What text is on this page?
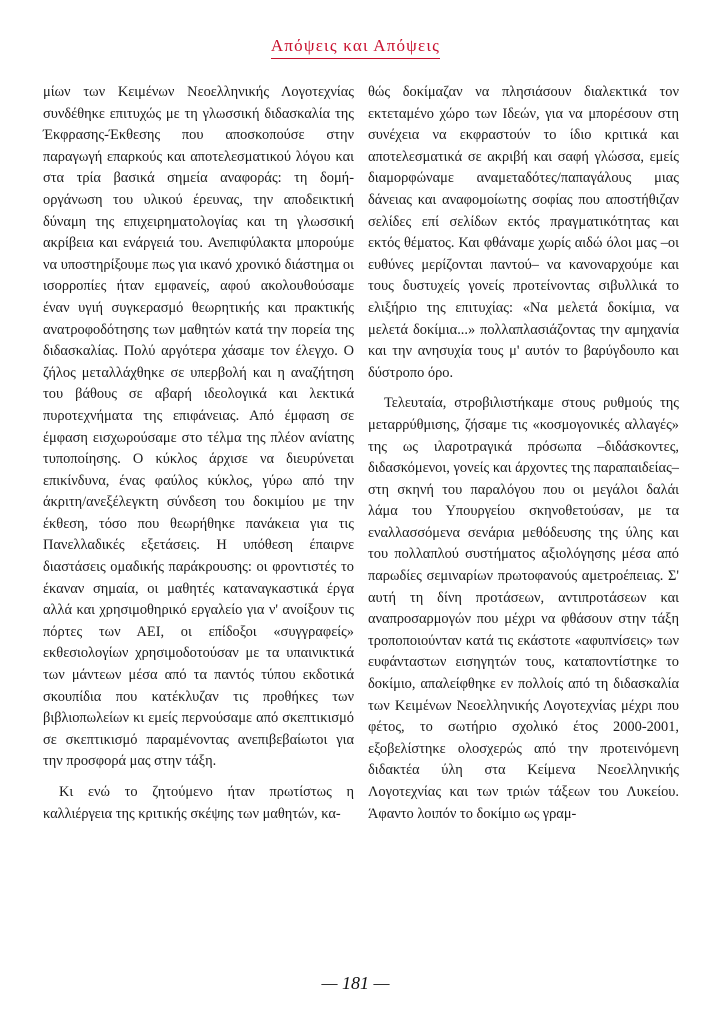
Απόψεις και Απόψεις

μίων των Κειμένων Νεοελληνικής Λογοτεχνίας συνδέθηκε επιτυχώς με τη γλωσσική διδασκαλία της Έκφρασης-Έκθεσης που αποσκοπούσε στην παραγωγή επαρκούς και αποτελεσματικού λόγου και στα τρία βασικά σημεία αναφοράς: τη δομή-οργάνωση του υλικού έρευνας, την αποδεικτική δύναμη της επιχειρηματολογίας και τη γλωσσική ακρίβεια και ενάργειά του. Ανεπιφύλακτα μπορούμε να υποστηρίξουμε πως για ικανό χρονικό διάστημα οι ισορροπίες ήταν εμφανείς, αφού ακολουθούσαμε έναν υγιή συγκερασμό θεωρητικής και πρακτικής ανατροφοδότησης των μαθητών κατά την πορεία της διδασκαλίας. Πολύ αργότερα χάσαμε τον έλεγχο. Ο ζήλος μεταλλάχθηκε σε υπερβολή και η αναζήτηση του βάθους σε αβαρή ιδεολογικά και λεκτικά πυροτεχνήματα της επιφάνειας. Από έμφαση σε έμφαση εισχωρούσαμε στο τέλμα της πλέον ανίατης τυποποίησης. Ο κύκλος άρχισε να διευρύνεται επικίνδυνα, ένας φαύλος κύκλος, γύρω από την άκριτη/ανεξέλεγκτη σύνδεση του δοκιμίου με την έκθεση, τόσο που θεωρήθηκε πανάκεια για τις Πανελλαδικές εξετάσεις. Η υπόθεση έπαιρνε διαστάσεις ομαδικής παράκρουσης: οι φροντιστές το έκαναν σημαία, οι μαθητές καταναγκαστικά έργα αλλά και χρησιμοθηρικό εργαλείο για ν' ανοίξουν τις πόρτες των ΑΕΙ, οι επίδοξοι «συγγραφείς» εκθεσιολογίων χρησιμοδοτούσαν με τα υπαινικτικά των μάντεων μέσα από τα παντός τύπου εκδοτικά σκουπίδια που κατέκλυζαν τις προθήκες των βιβλιοπωλείων κι εμείς περνούσαμε από σκεπτικισμό σε σκεπτικισμό παραμένοντας ανεπιβεβαίωτοι για την προσφορά μας στην τάξη.

Κι ενώ το ζητούμενο ήταν πρωτίστως η καλλιέργεια της κριτικής σκέψης των μαθητών, κα-

θώς δοκίμαζαν να πλησιάσουν διαλεκτικά τον εκτεταμένο χώρο των Ιδεών, για να μπορέσουν στη συνέχεια να εκφραστούν το ίδιο κριτικά και αποτελεσματικά σε ακριβή και σαφή γλώσσα, εμείς διαμορφώναμε αναμεταδότες/παπαγάλους μιας δάνειας και αναφομοίωτης σοφίας που αποστήθιζαν σελίδες επί σελίδων εκτός πραγματικότητας και εκτός θέματος. Και φθάναμε χωρίς αιδώ όλοι μας –οι ευθύνες μερίζονται παντού– να κανοναρχούμε και τους δυστυχείς γονείς προτείνοντας σιβυλλικά το ελιξήριο της επιτυχίας: «Να μελετά δοκίμια, να μελετά δοκίμια...» πολλαπλασιάζοντας την αμηχανία και την ανησυχία τους μ' αυτόν το βαρύγδουπο και δύστροπο όρο.

Τελευταία, στροβιλιστήκαμε στους ρυθμούς της μεταρρύθμισης, ζήσαμε τις «κοσμογονικές αλλαγές» της ως ιλαροτραγικά πρόσωπα –διδάσκοντες, διδασκόμενοι, γονείς και άρχοντες της παραπαιδείας– στη σκηνή του παραλόγου που οι μεγάλοι δαλάι λάμα του Υπουργείου σκηνοθετούσαν, με τα εναλλασσόμενα σενάρια μεθόδευσης της ύλης και του πολλαπλού συστήματος αξιολόγησης μέσα από παρωδίες σεμιναρίων πρωτοφανούς αμετροέπειας. Σ' αυτή τη δίνη προτάσεων, αντιπροτάσεων και αναπροσαρμογών που μέχρι να φθάσουν στην τάξη τροποποιούνταν κατά τις εκάστοτε «αφυπνίσεις» των ευφάνταστων εισηγητών τους, καταποντίστηκε το δοκίμιο, απαλείφθηκε εν πολλοίς από τη διδασκαλία των Κειμένων Νεοελληνικής Λογοτεχνίας μέχρι που φέτος, το σωτήριο σχολικό έτος 2000-2001, εξοβελίστηκε ολοσχερώς από την προτεινόμενη διδακτέα ύλη στα Κείμενα Νεοελληνικής Λογοτεχνίας και των τριών τάξεων του Λυκείου. Άφαντο λοιπόν το δοκίμιο ως γραμ-

— 181 —
